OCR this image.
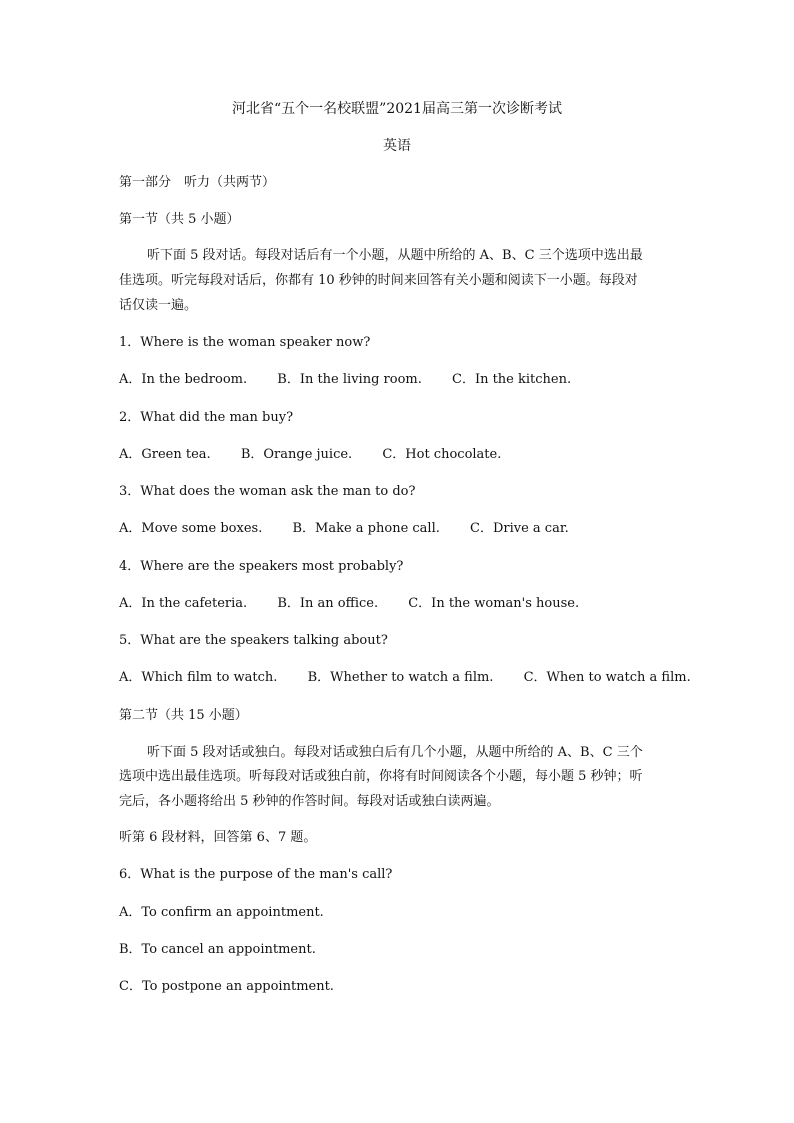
河北省“五个一名校联盟”2021届高三第一次诊断考试
英语
第一部分　听力（共两节）
第一节（共 5 小题）
听下面 5 段对话。每段对话后有一个小题，从题中所给的 A、B、C 三个选项中选出最
佳选项。听完每段对话后，你都有 10 秒钟的时间来回答有关小题和阅读下一小题。每段对
话仅读一遍。
1．Where is the woman speaker now?
A．In the bedroom. B．In the living room. C．In the kitchen.
2．What did the man buy?
A．Green tea. B．Orange juice. C．Hot chocolate.
3．What does the woman ask the man to do?
A．Move some boxes. B．Make a phone call. C．Drive a car.
4．Where are the speakers most probably?
A．In the cafeteria. B．In an office. C．In the woman's house.
5．What are the speakers talking about?
A．Which film to watch. B．Whether to watch a film. C．When to watch a film.
第二节（共 15 小题）
听下面 5 段对话或独白。每段对话或独白后有几个小题，从题中所给的 A、B、C 三个
选项中选出最佳选项。听每段对话或独白前，你将有时间阅读各个小题，每小题 5 秒钟；听
完后，各小题将给出 5 秒钟的作答时间。每段对话或独白读两遍。
听第 6 段材料，回答第 6、7 题。
6．What is the purpose of the man's call?
A．To confirm an appointment.
B．To cancel an appointment.
C．To postpone an appointment.
